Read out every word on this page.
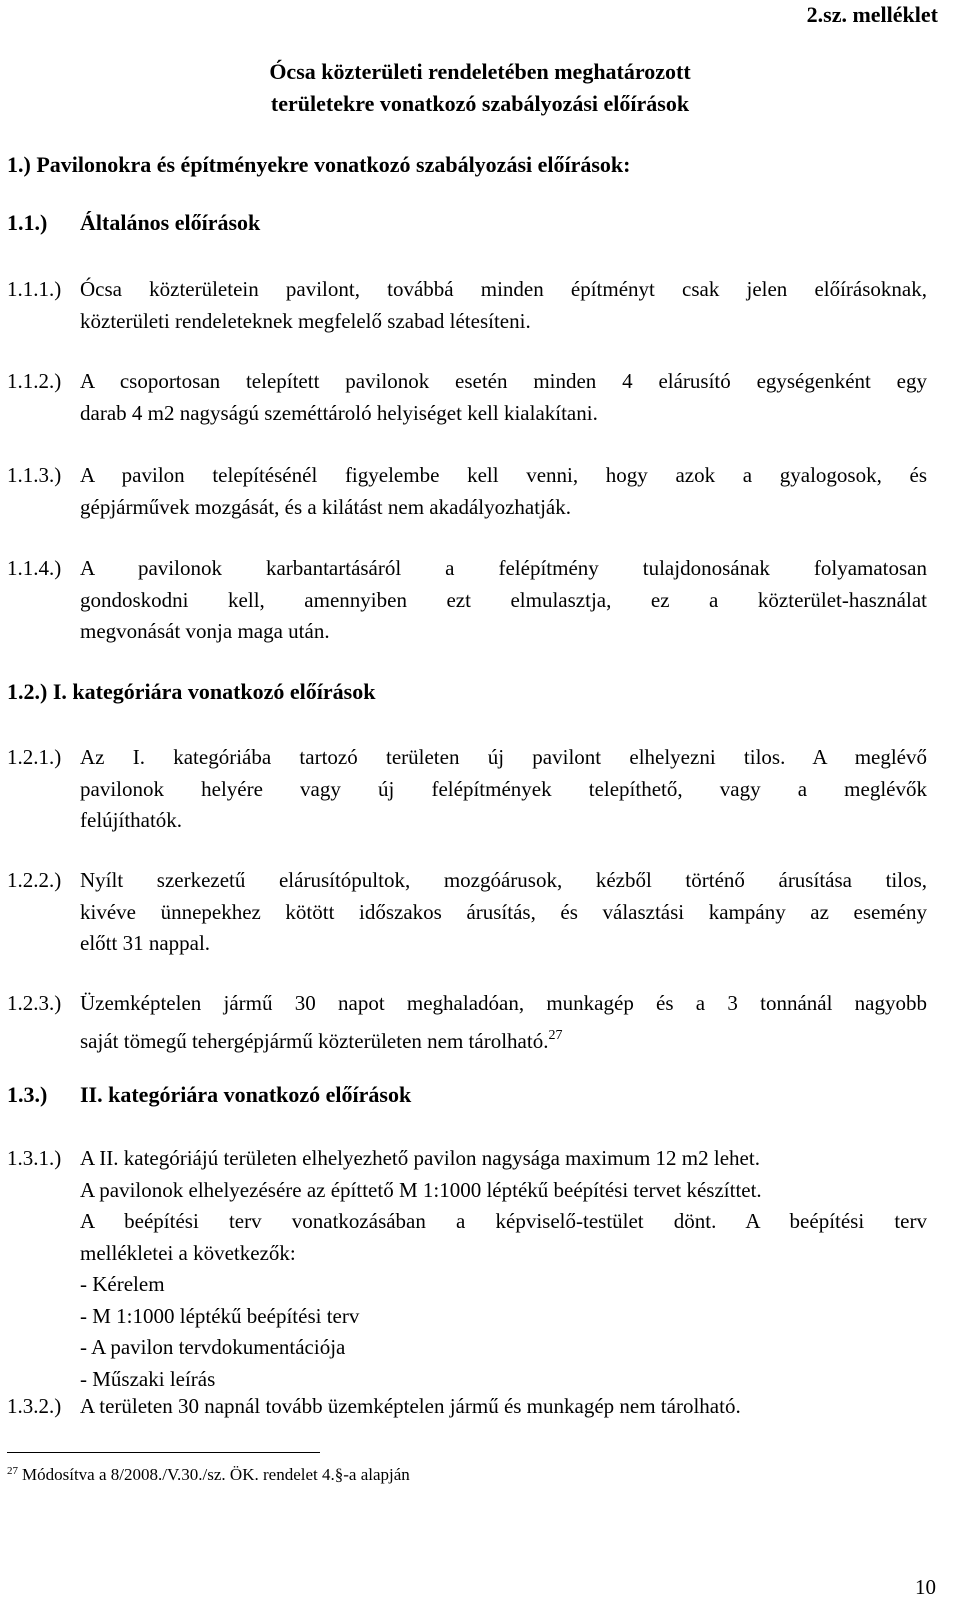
2.sz. melléklet
Ócsa közterületi rendeletében meghatározott
területekre vonatkozó szabályozási előírások
1.) Pavilonokra és építményekre vonatkozó szabályozási előírások:
1.1.) Általános előírások
1.1.1.) Ócsa közterületein pavilont, továbbá minden építményt csak jelen előírásoknak,
közterületi rendeleteknek megfelelő szabad létesíteni.
1.1.2.) A csoportosan telepített pavilonok esetén minden 4 elárusító egységenként egy
darab 4 m2 nagyságú szeméttároló helyiséget kell kialakítani.
1.1.3.) A pavilon telepítésénél figyelembe kell venni, hogy azok a gyalogosok, és
gépjárművek mozgását, és a kilátást nem akadályozhatják.
1.1.4.) A pavilonok karbantartásáról a felépítmény tulajdonosának folyamatosan
gondoskodni kell, amennyiben ezt elmulasztja, ez a közterület-használat
megvonását vonja maga után.
1.2.) I. kategóriára vonatkozó előírások
1.2.1.) Az I. kategóriába tartozó területen új pavilont elhelyezni tilos. A meglévő
pavilonok helyére vagy új felépítmények telepíthető, vagy a meglévők
felújíthatók.
1.2.2.) Nyílt szerkezetű elárusítópultok, mozgóárusok, kézből történő árusítása tilos,
kivéve ünnepekhez kötött időszakos árusítás, és választási kampány az esemény
előtt 31 nappal.
1.2.3.) Üzemképtelen jármű 30 napot meghaladóan, munkagép és a 3 tonnánál nagyobb
saját tömegű tehergépjármű közterületen nem tárolható.$^{27}$
1.3.) II. kategóriára vonatkozó előírások
1.3.1.) A II. kategóriájú területen elhelyezhető pavilon nagysága maximum 12 m2 lehet.
A pavilonok elhelyezésére az építtető M 1:1000 léptékű beépítési tervet készíttet.
A beépítési terv vonatkozásában a képviselő-testület dönt. A beépítési terv
mellékletei a következők:
- Kérelem
- M 1:1000 léptékű beépítési terv
- A pavilon tervdokumentációja
- Műszaki leírás
1.3.2.) A területen 30 napnál tovább üzemképtelen jármű és munkagép nem tárolható.
$^{27}$ Módosítva a 8/2008./V.30./sz. ÖK. rendelet 4.§-a alapján
10
